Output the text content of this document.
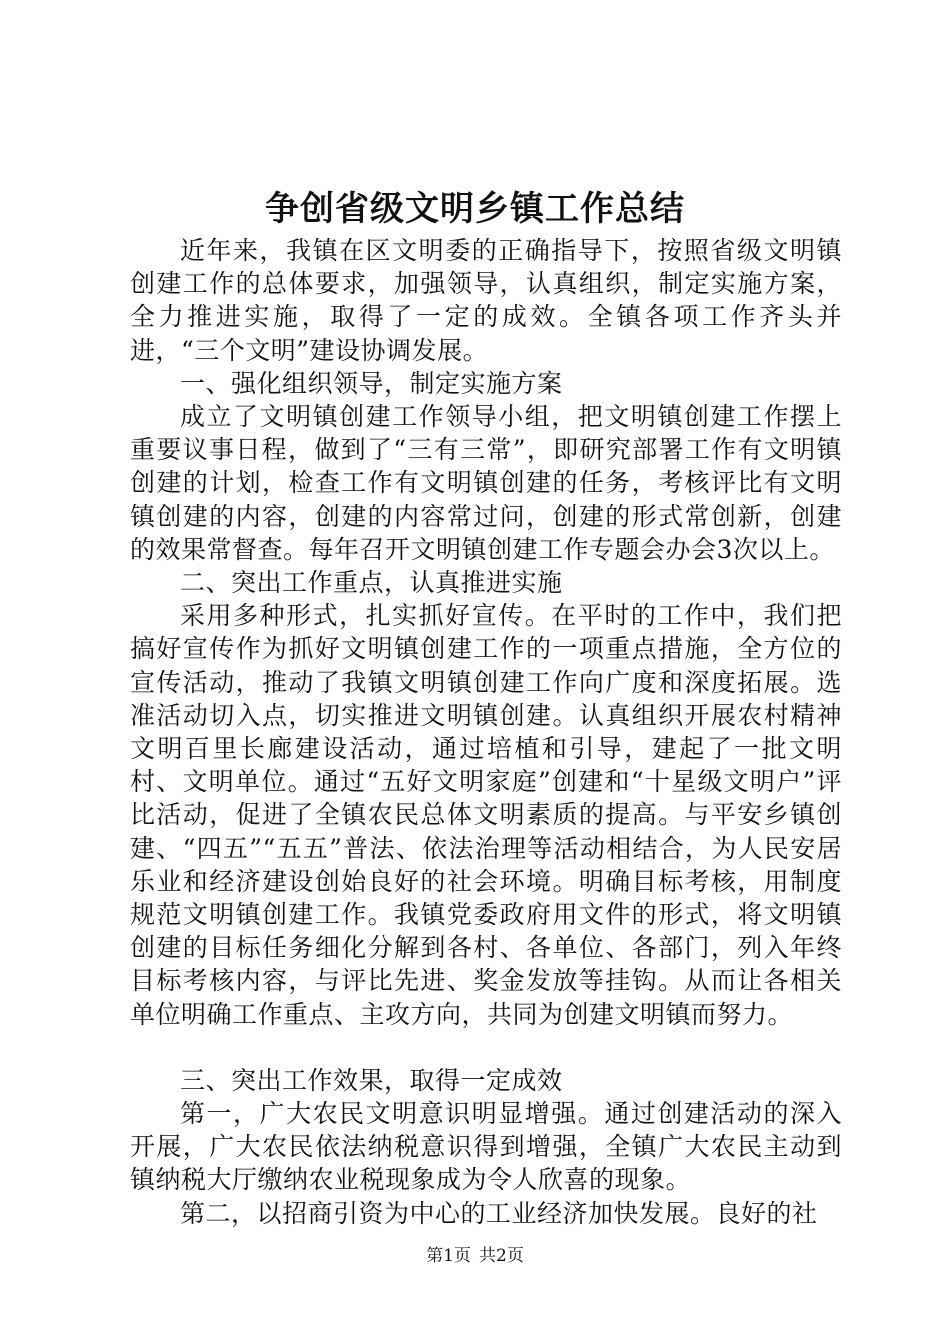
争创省级文明乡镇工作总结

近年来，我镇在区文明委的正确指导下，按照省级文明镇创建工作的总体要求，加强领导，认真组织，制定实施方案，全力推进实施，取得了一定的成效。全镇各项工作齐头并进，“三个文明”建设协调发展。

一、强化组织领导，制定实施方案

成立了文明镇创建工作领导小组，把文明镇创建工作摆上重要议事日程，做到了“三有三常”，即研究部署工作有文明镇创建的计划，检查工作有文明镇创建的任务，考核评比有文明镇创建的内容，创建的内容常过问，创建的形式常创新，创建的效果常督查。每年召开文明镇创建工作专题会办会3次以上。

二、突出工作重点，认真推进实施

采用多种形式，扎实抓好宣传。在平时的工作中，我们把搞好宣传作为抓好文明镇创建工作的一项重点措施，全方位的宣传活动，推动了我镇文明镇创建工作向广度和深度拓展。选准活动切入点，切实推进文明镇创建。认真组织开展农村精神文明百里长廊建设活动，通过培植和引导，建起了一批文明村、文明单位。通过“五好文明家庭”创建和“十星级文明户”评比活动，促进了全镇农民总体文明素质的提高。与平安乡镇创建、“四五”“五五”普法、依法治理等活动相结合，为人民安居乐业和经济建设创始良好的社会环境。明确目标考核，用制度规范文明镇创建工作。我镇党委政府用文件的形式，将文明镇创建的目标任务细化分解到各村、各单位、各部门，列入年终目标考核内容，与评比先进、奖金发放等挂钩。从而让各相关单位明确工作重点、主攻方向，共同为创建文明镇而努力。

三、突出工作效果，取得一定成效

第一，广大农民文明意识明显增强。通过创建活动的深入开展，广大农民依法纳税意识得到增强，全镇广大农民主动到镇纳税大厅缴纳农业税现象成为令人欣喜的现象。

第二，以招商引资为中心的工业经济加快发展。良好的社

第1页 共2页
